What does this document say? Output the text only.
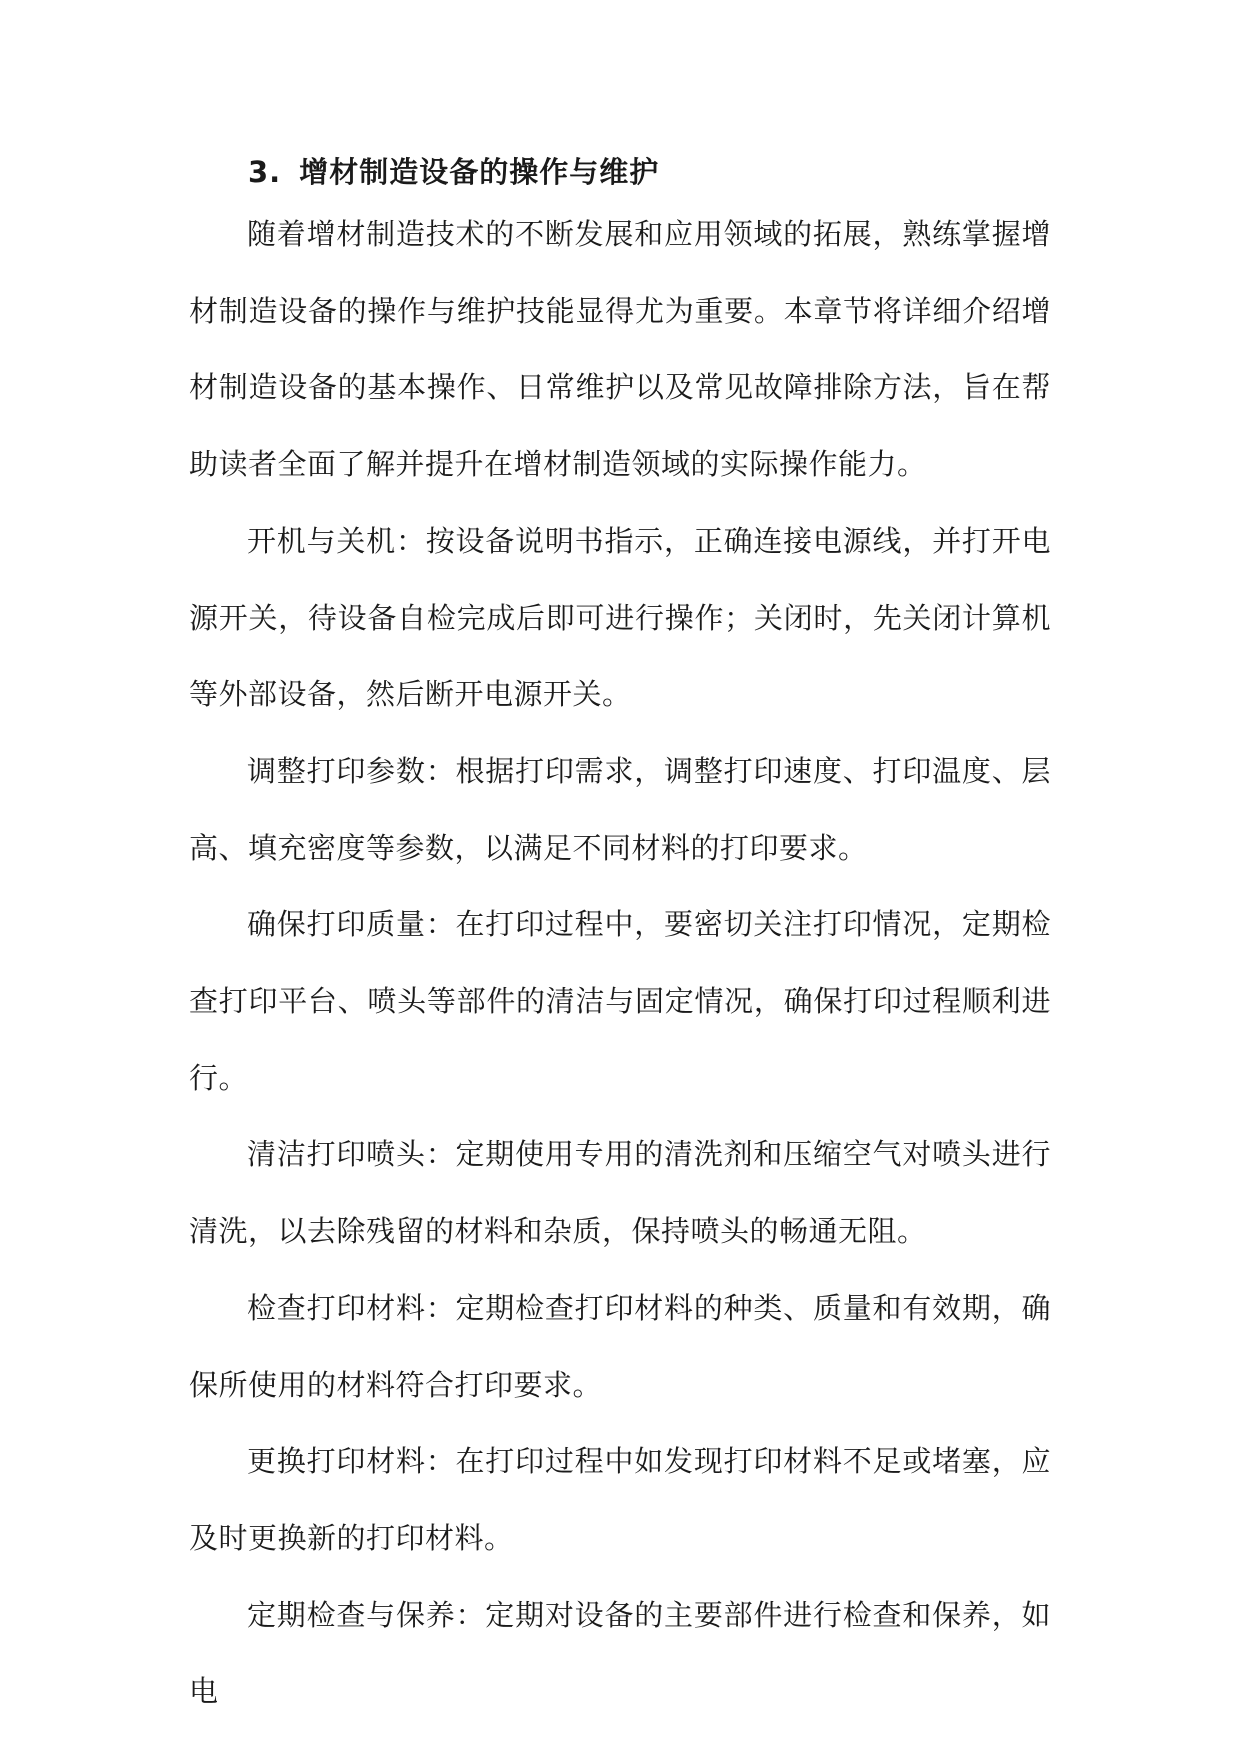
3. 增材制造设备的操作与维护

随着增材制造技术的不断发展和应用领域的拓展，熟练掌握增材制造设备的操作与维护技能显得尤为重要。本章节将详细介绍增材制造设备的基本操作、日常维护以及常见故障排除方法，旨在帮助读者全面了解并提升在增材制造领域的实际操作能力。

开机与关机：按设备说明书指示，正确连接电源线，并打开电源开关，待设备自检完成后即可进行操作；关闭时，先关闭计算机等外部设备，然后断开电源开关。

调整打印参数：根据打印需求，调整打印速度、打印温度、层高、填充密度等参数，以满足不同材料的打印要求。

确保打印质量：在打印过程中，要密切关注打印情况，定期检查打印平台、喷头等部件的清洁与固定情况，确保打印过程顺利进行。

清洁打印喷头：定期使用专用的清洗剂和压缩空气对喷头进行清洗，以去除残留的材料和杂质，保持喷头的畅通无阻。

检查打印材料：定期检查打印材料的种类、质量和有效期，确保所使用的材料符合打印要求。

更换打印材料：在打印过程中如发现打印材料不足或堵塞，应及时更换新的打印材料。

定期检查与保养：定期对设备的主要部件进行检查和保养，如电
